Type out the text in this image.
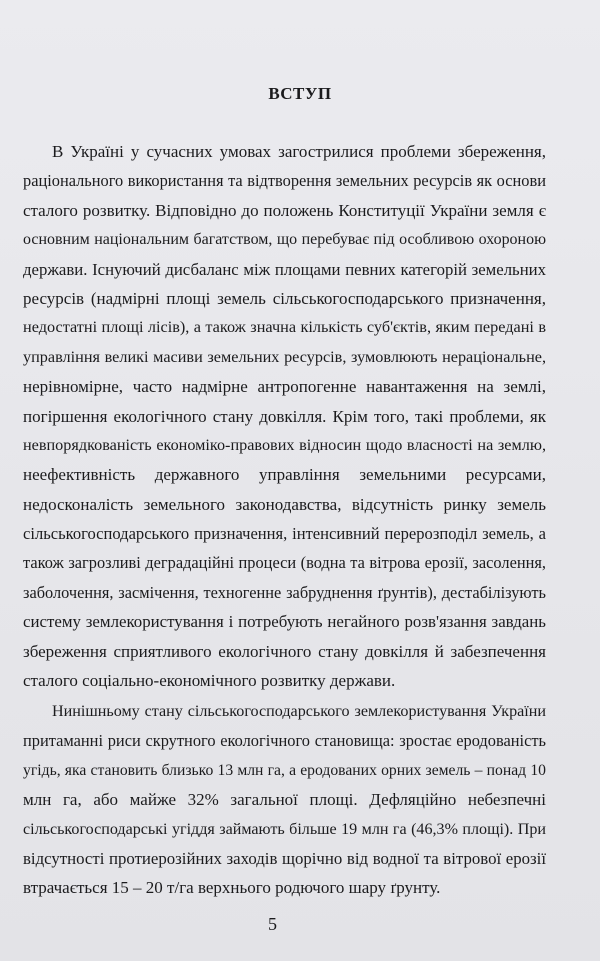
ВСТУП
В Україні у сучасних умовах загострилися проблеми збереження,
раціонального використання та відтворення земельних ресурсів як основи
сталого розвитку. Відповідно до положень Конституції України земля є
основним національним багатством, що перебуває під особливою охороною
держави. Існуючий дисбаланс між площами певних категорій земельних
ресурсів (надмірні площі земель сільськогосподарського призначення,
недостатні площі лісів), а також значна кількість суб'єктів, яким передані в
управління великі масиви земельних ресурсів, зумовлюють нераціональне,
нерівномірне, часто надмірне антропогенне навантаження на землі,
погіршення екологічного стану довкілля. Крім того, такі проблеми, як
невпорядкованість економіко-правових відносин щодо власності на землю,
неефективність державного управління земельними ресурсами,
недосконалість земельного законодавства, відсутність ринку земель
сільськогосподарського призначення, інтенсивний перерозподіл земель, а
також загрозливі деградаційні процеси (водна та вітрова ерозії, засолення,
заболочення, засмічення, техногенне забруднення ґрунтів), дестабілізують
систему землекористування і потребують негайного розв'язання завдань
збереження сприятливого екологічного стану довкілля й забезпечення
сталого соціально-економічного розвитку держави.
Нинішньому стану сільськогосподарського землекористування України
притаманні риси скрутного екологічного становища: зростає еродованість
угідь, яка становить близько 13 млн га, а еродованих орних земель – понад 10
млн га, або майже 32% загальної площі. Дефляційно небезпечні
сільськогосподарські угіддя займають більше 19 млн га (46,3% площі). При
відсутності протиерозійних заходів щорічно від водної та вітрової ерозії
втрачається 15 – 20 т/га верхнього родючого шару ґрунту.
5
